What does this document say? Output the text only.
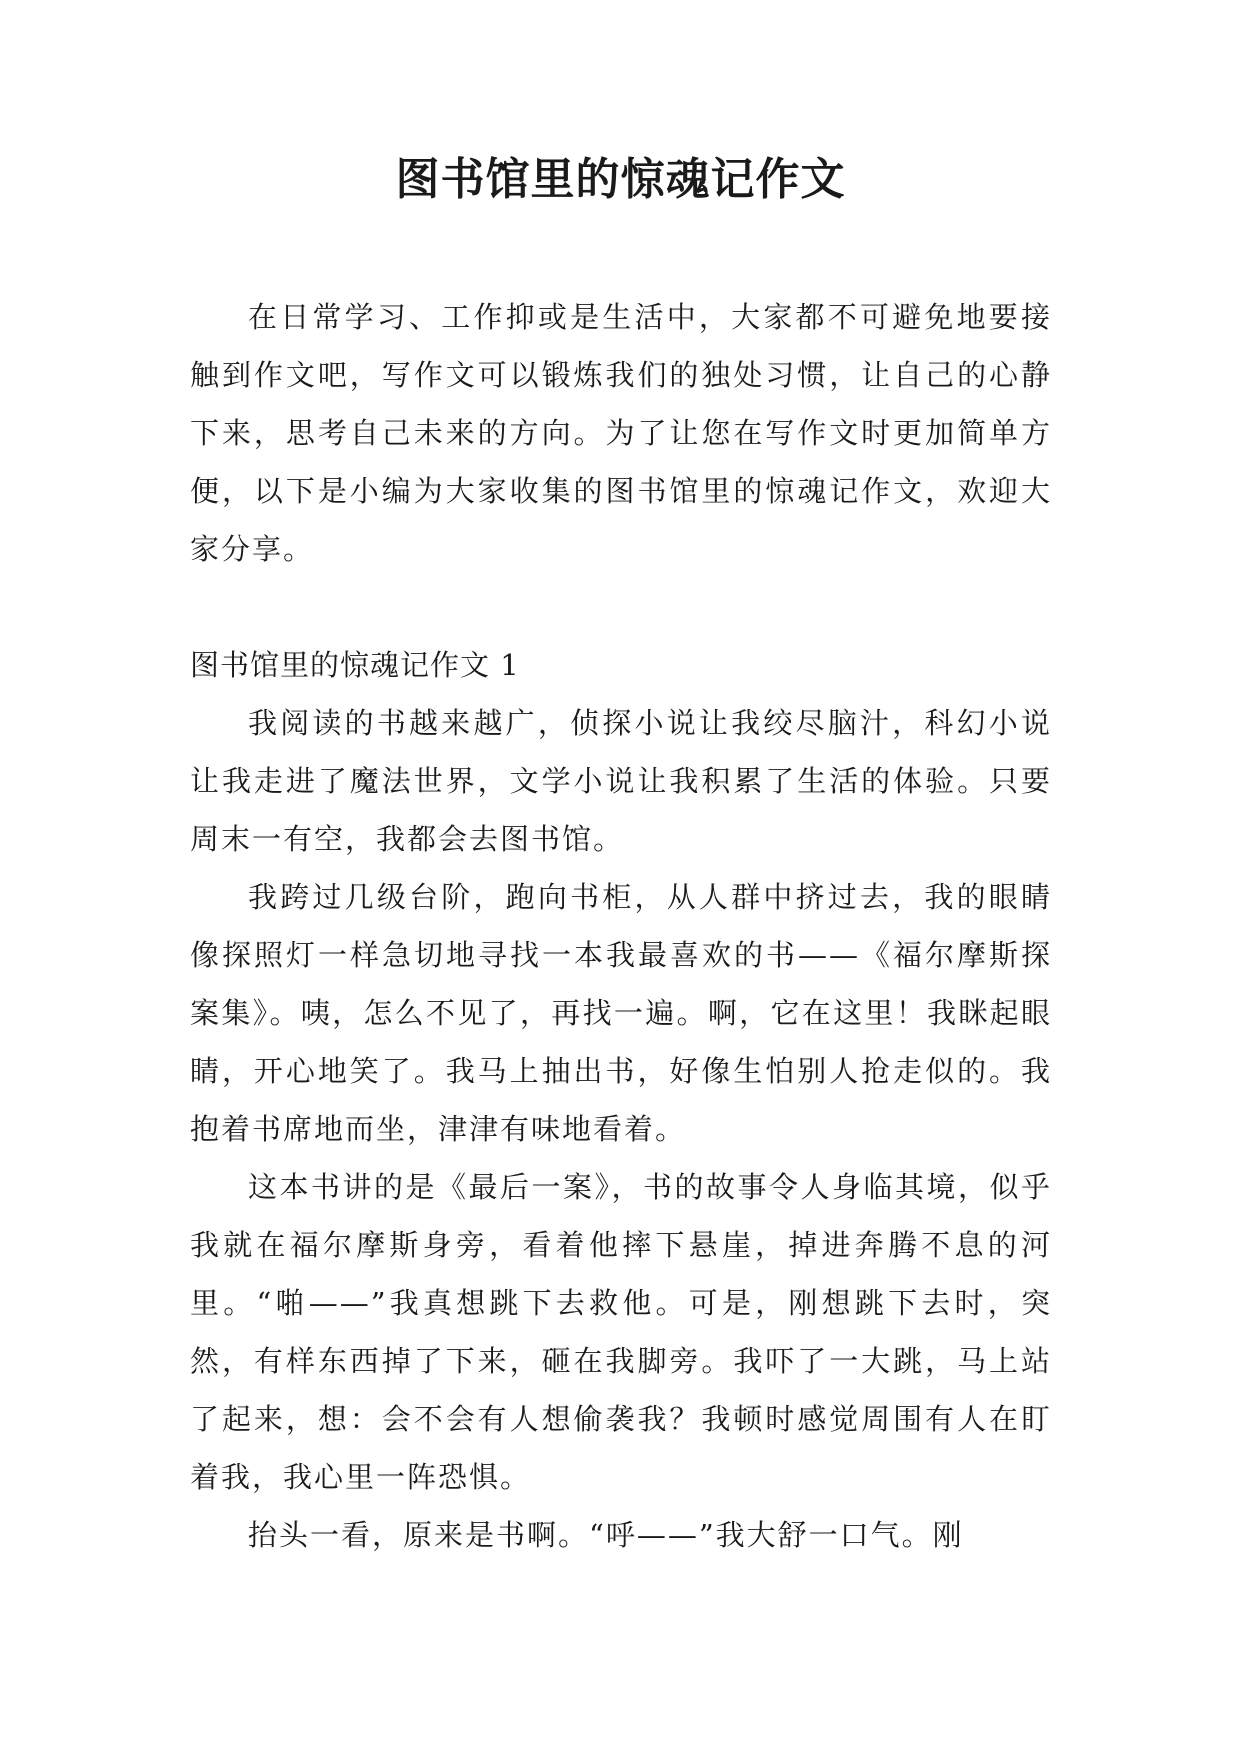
图书馆里的惊魂记作文

在日常学习、工作抑或是生活中，大家都不可避免地要接触到作文吧，写作文可以锻炼我们的独处习惯，让自己的心静下来，思考自己未来的方向。为了让您在写作文时更加简单方便，以下是小编为大家收集的图书馆里的惊魂记作文，欢迎大家分享。

图书馆里的惊魂记作文 1

我阅读的书越来越广，侦探小说让我绞尽脑汁，科幻小说让我走进了魔法世界，文学小说让我积累了生活的体验。只要周末一有空，我都会去图书馆。

我跨过几级台阶，跑向书柜，从人群中挤过去，我的眼睛像探照灯一样急切地寻找一本我最喜欢的书——《福尔摩斯探案集》。咦，怎么不见了，再找一遍。啊，它在这里！我眯起眼睛，开心地笑了。我马上抽出书，好像生怕别人抢走似的。我抱着书席地而坐，津津有味地看着。

这本书讲的是《最后一案》，书的故事令人身临其境，似乎我就在福尔摩斯身旁，看着他摔下悬崖，掉进奔腾不息的河里。“啪——”我真想跳下去救他。可是，刚想跳下去时，突然，有样东西掉了下来，砸在我脚旁。我吓了一大跳，马上站了起来，想：会不会有人想偷袭我？我顿时感觉周围有人在盯着我，我心里一阵恐惧。

抬头一看，原来是书啊。“呼——”我大舒一口气。刚
